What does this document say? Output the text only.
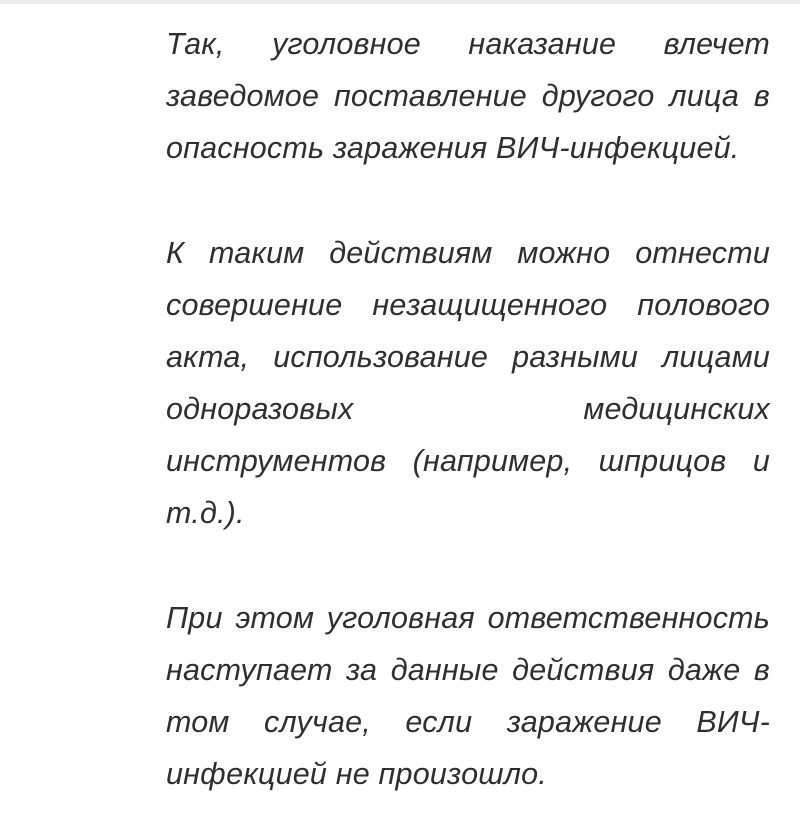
Так, уголовное наказание влечет заведомое поставление другого лица в опасность заражения ВИЧ-инфекцией.

К таким действиям можно отнести совершение незащищенного полового акта, использование разными лицами одноразовых медицинских инструментов (например, шприцов и т.д.).

При этом уголовная ответственность наступает за данные действия даже в том случае, если заражение ВИЧ-инфекцией не произошло.
